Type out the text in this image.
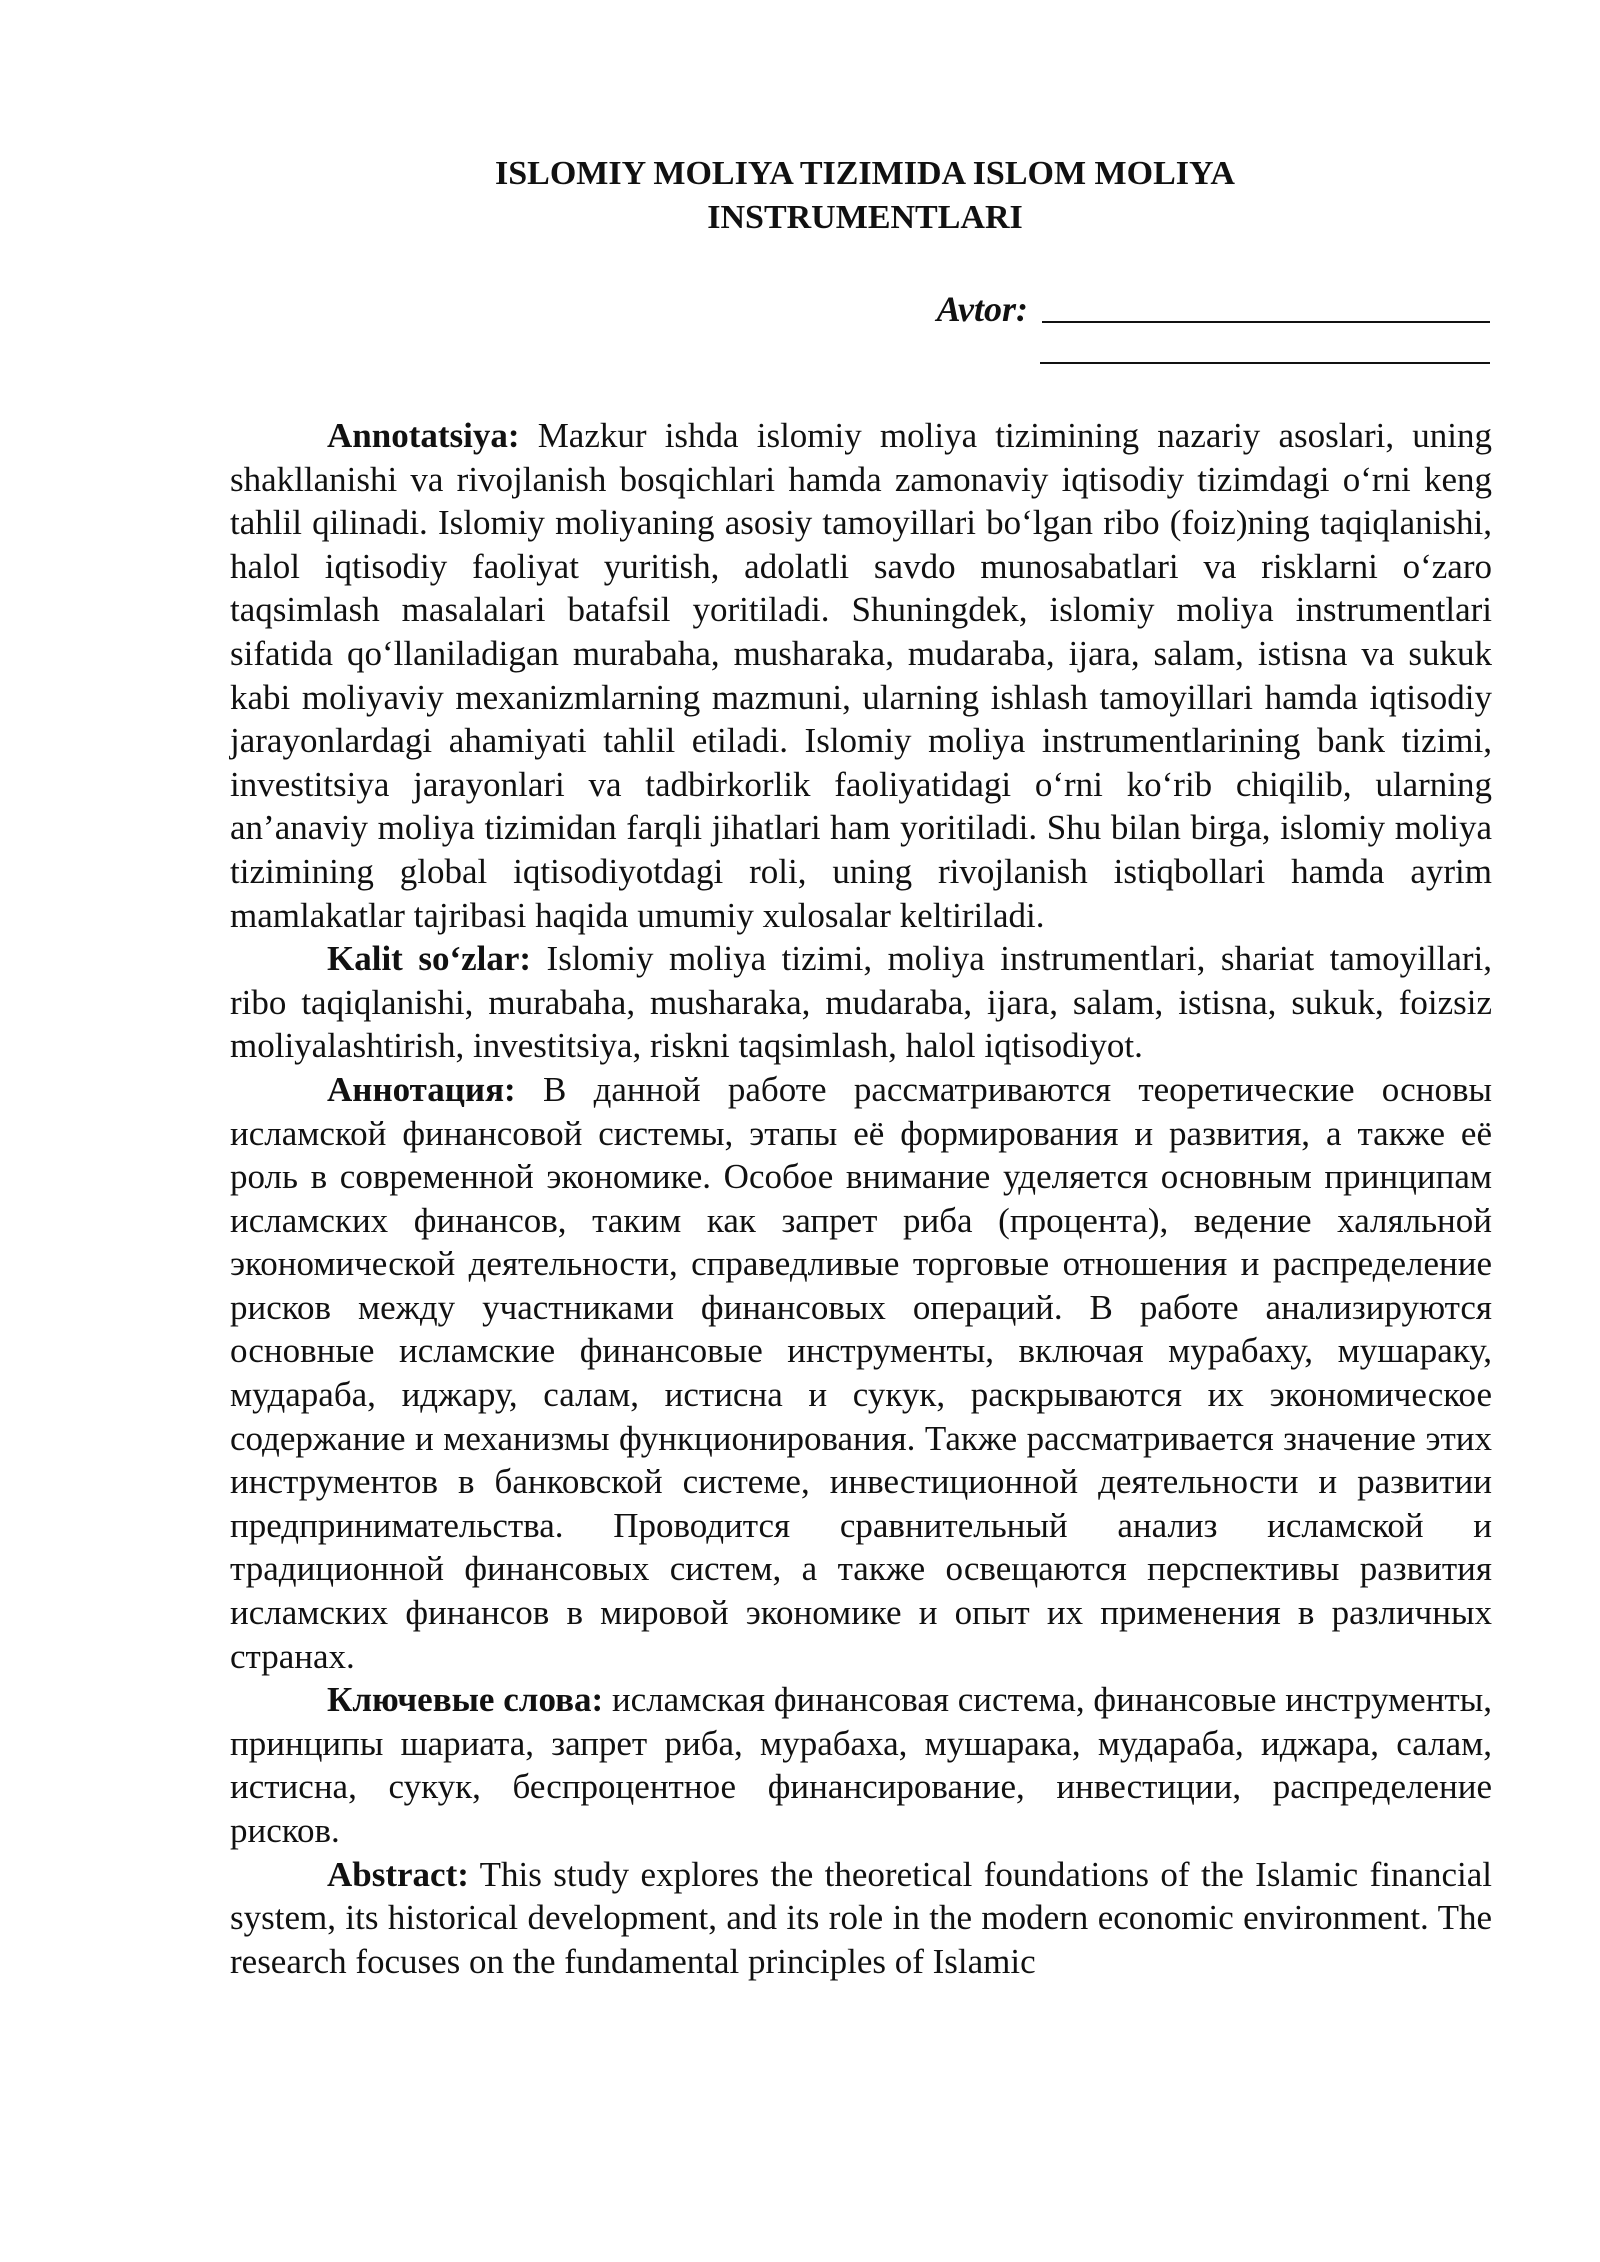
ISLOMIY MOLIYA TIZIMIDA ISLOM MOLIYA
INSTRUMENTLARI
Avtor:

Annotatsiya: Mazkur ishda islomiy moliya tizimining nazariy asoslari, uning shakllanishi va rivojlanish bosqichlari hamda zamonaviy iqtisodiy tizimdagi o‘rni keng tahlil qilinadi. Islomiy moliyaning asosiy tamoyillari bo‘lgan ribo (foiz)ning taqiqlanishi, halol iqtisodiy faoliyat yuritish, adolatli savdo munosabatlari va risklarni o‘zaro taqsimlash masalalari batafsil yoritiladi. Shuningdek, islomiy moliya instrumentlari sifatida qo‘llaniladigan murabaha, musharaka, mudaraba, ijara, salam, istisna va sukuk kabi moliyaviy mexanizmlarning mazmuni, ularning ishlash tamoyillari hamda iqtisodiy jarayonlardagi ahamiyati tahlil etiladi. Islomiy moliya instrumentlarining bank tizimi, investitsiya jarayonlari va tadbirkorlik faoliyatidagi o‘rni ko‘rib chiqilib, ularning an’anaviy moliya tizimidan farqli jihatlari ham yoritiladi. Shu bilan birga, islomiy moliya tizimining global iqtisodiyotdagi roli, uning rivojlanish istiqbollari hamda ayrim mamlakatlar tajribasi haqida umumiy xulosalar keltiriladi.

Kalit so‘zlar: Islomiy moliya tizimi, moliya instrumentlari, shariat tamoyillari, ribo taqiqlanishi, murabaha, musharaka, mudaraba, ijara, salam, istisna, sukuk, foizsiz moliyalashtirish, investitsiya, riskni taqsimlash, halol iqtisodiyot.

Аннотация: В данной работе рассматриваются теоретические основы исламской финансовой системы, этапы её формирования и развития, а также её роль в современной экономике. Особое внимание уделяется основным принципам исламских финансов, таким как запрет риба (процента), ведение халяльной экономической деятельности, справедливые торговые отношения и распределение рисков между участниками финансовых операций. В работе анализируются основные исламские финансовые инструменты, включая мурабаху, мушараку, мудараба, иджару, салам, истисна и сукук, раскрываются их экономическое содержание и механизмы функционирования. Также рассматривается значение этих инструментов в банковской системе, инвестиционной деятельности и развитии предпринимательства. Проводится сравнительный анализ исламской и традиционной финансовых систем, а также освещаются перспективы развития исламских финансов в мировой экономике и опыт их применения в различных странах.

Ключевые слова: исламская финансовая система, финансовые инструменты, принципы шариата, запрет риба, мурабаха, мушарака, мудараба, иджара, салам, истисна, сукук, беспроцентное финансирование, инвестиции, распределение рисков.

Abstract: This study explores the theoretical foundations of the Islamic financial system, its historical development, and its role in the modern economic environment. The research focuses on the fundamental principles of Islamic
